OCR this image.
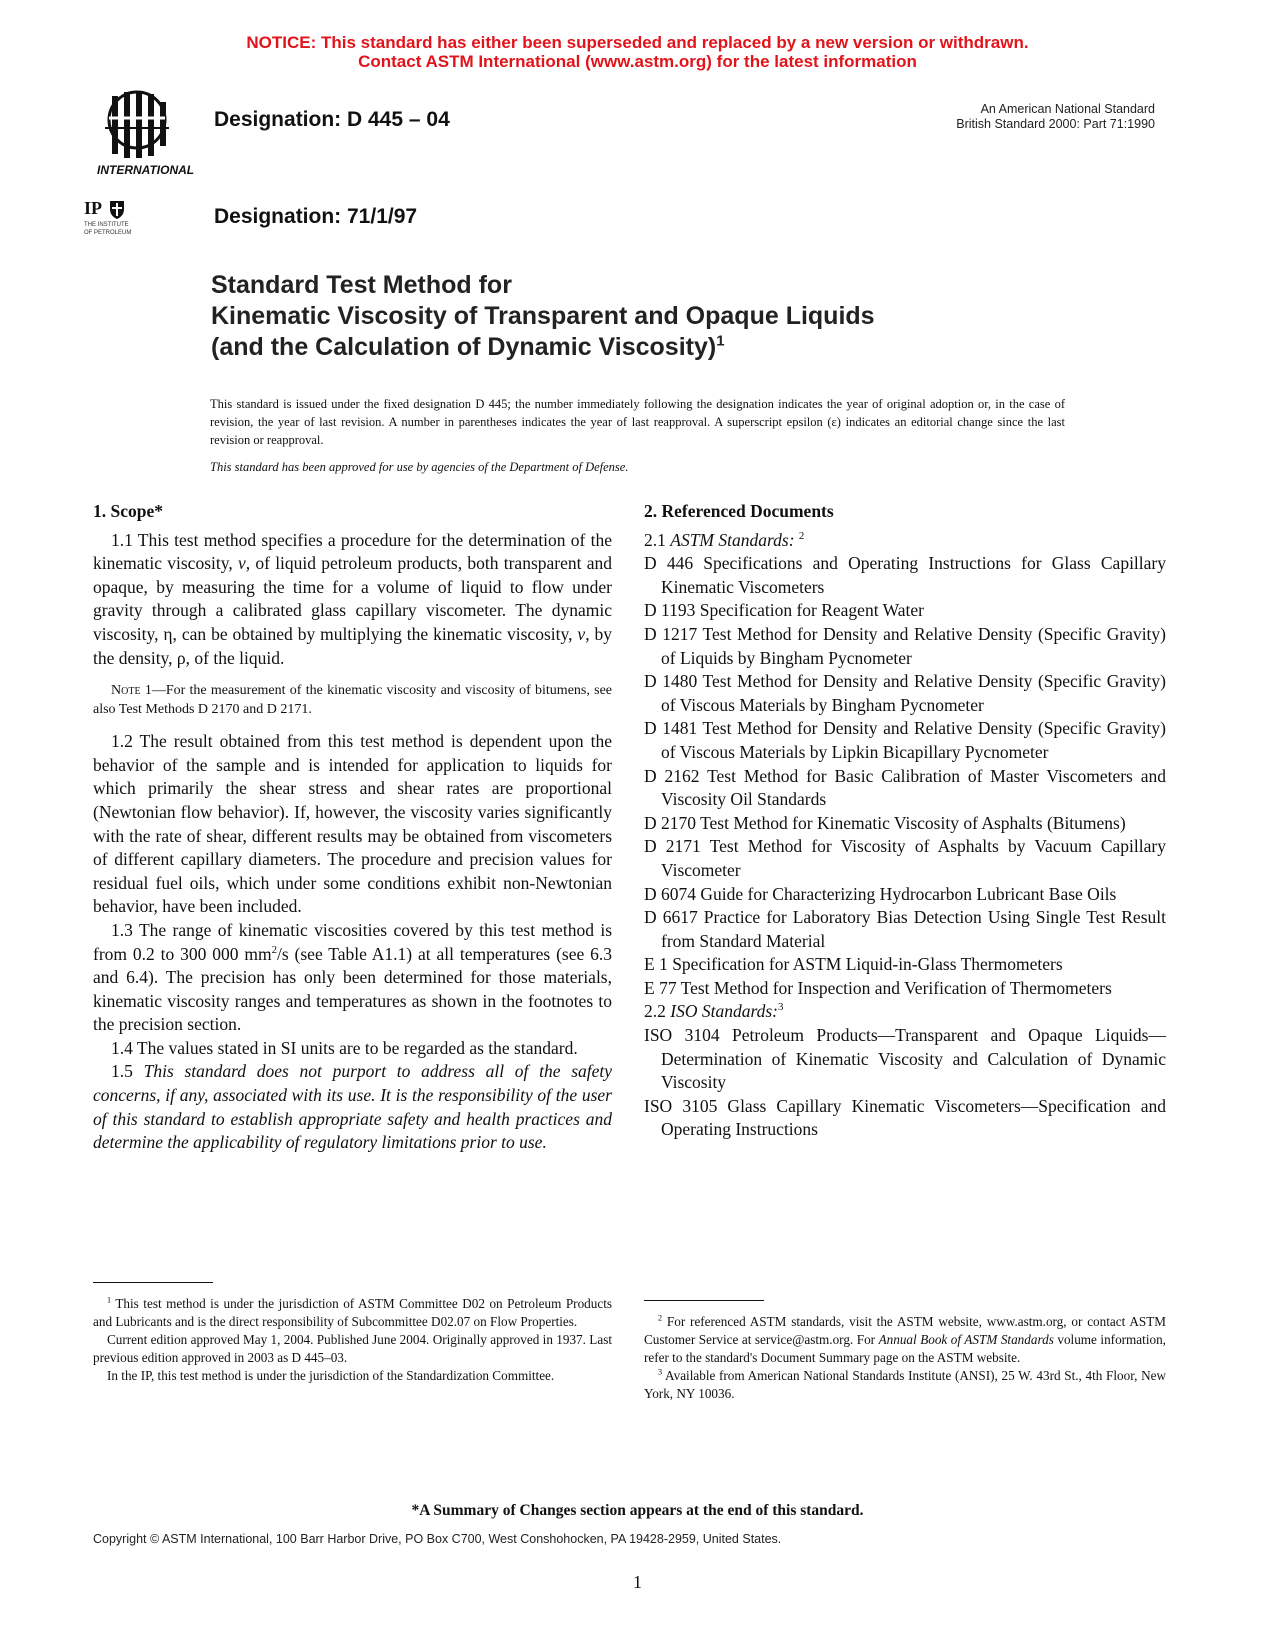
NOTICE: This standard has either been superseded and replaced by a new version or withdrawn.
Contact ASTM International (www.astm.org) for the latest information
INTERNATIONAL
IP
THE INSTITUTE
OF PETROLEUM
Designation: D 445 – 04
Designation: 71/1/97
An American National Standard
British Standard 2000: Part 71:1990
Standard Test Method for
Kinematic Viscosity of Transparent and Opaque Liquids
(and the Calculation of Dynamic Viscosity)$^1$
This standard is issued under the fixed designation D 445; the number immediately following the designation indicates the year of original adoption or, in the case of revision, the year of last revision. A number in parentheses indicates the year of last reapproval. A superscript epsilon (ε) indicates an editorial change since the last revision or reapproval.
This standard has been approved for use by agencies of the Department of Defense.

1. Scope*

1.1 This test method specifies a procedure for the determination of the kinematic viscosity, ν, of liquid petroleum products, both transparent and opaque, by measuring the time for a volume of liquid to flow under gravity through a calibrated glass capillary viscometer. The dynamic viscosity, η, can be obtained by multiplying the kinematic viscosity, ν, by the density, ρ, of the liquid.

Note 1—For the measurement of the kinematic viscosity and viscosity of bitumens, see also Test Methods D 2170 and D 2171.

1.2 The result obtained from this test method is dependent upon the behavior of the sample and is intended for application to liquids for which primarily the shear stress and shear rates are proportional (Newtonian flow behavior). If, however, the viscosity varies significantly with the rate of shear, different results may be obtained from viscometers of different capillary diameters. The procedure and precision values for residual fuel oils, which under some conditions exhibit non-Newtonian behavior, have been included.

1.3 The range of kinematic viscosities covered by this test method is from 0.2 to 300 000 $mm^2/s$ (see Table A1.1) at all temperatures (see 6.3 and 6.4). The precision has only been determined for those materials, kinematic viscosity ranges and temperatures as shown in the footnotes to the precision section.

1.4 The values stated in SI units are to be regarded as the standard.

1.5 This standard does not purport to address all of the safety concerns, if any, associated with its use. It is the responsibility of the user of this standard to establish appropriate safety and health practices and determine the applicability of regulatory limitations prior to use.

2. Referenced Documents

2.1 ASTM Standards: $^2$

D 446 Specifications and Operating Instructions for Glass Capillary Kinematic Viscometers

D 1193 Specification for Reagent Water

D 1217 Test Method for Density and Relative Density (Specific Gravity) of Liquids by Bingham Pycnometer

D 1480 Test Method for Density and Relative Density (Specific Gravity) of Viscous Materials by Bingham Pycnometer

D 1481 Test Method for Density and Relative Density (Specific Gravity) of Viscous Materials by Lipkin Bicapillary Pycnometer

D 2162 Test Method for Basic Calibration of Master Viscometers and Viscosity Oil Standards

D 2170 Test Method for Kinematic Viscosity of Asphalts (Bitumens)

D 2171 Test Method for Viscosity of Asphalts by Vacuum Capillary Viscometer

D 6074 Guide for Characterizing Hydrocarbon Lubricant Base Oils

D 6617 Practice for Laboratory Bias Detection Using Single Test Result from Standard Material

E 1 Specification for ASTM Liquid-in-Glass Thermometers

E 77 Test Method for Inspection and Verification of Thermometers

2.2 ISO Standards:$^3$

ISO 3104 Petroleum Products—Transparent and Opaque Liquids—Determination of Kinematic Viscosity and Calculation of Dynamic Viscosity

ISO 3105 Glass Capillary Kinematic Viscometers—Specification and Operating Instructions

$^1$ This test method is under the jurisdiction of ASTM Committee D02 on Petroleum Products and Lubricants and is the direct responsibility of Subcommittee D02.07 on Flow Properties.

Current edition approved May 1, 2004. Published June 2004. Originally approved in 1937. Last previous edition approved in 2003 as D 445–03.

In the IP, this test method is under the jurisdiction of the Standardization Committee.

$^2$ For referenced ASTM standards, visit the ASTM website, www.astm.org, or contact ASTM Customer Service at service@astm.org. For Annual Book of ASTM Standards volume information, refer to the standard's Document Summary page on the ASTM website.

$^3$ Available from American National Standards Institute (ANSI), 25 W. 43rd St., 4th Floor, New York, NY 10036.

*A Summary of Changes section appears at the end of this standard.
Copyright © ASTM International, 100 Barr Harbor Drive, PO Box C700, West Conshohocken, PA 19428-2959, United States.
1
